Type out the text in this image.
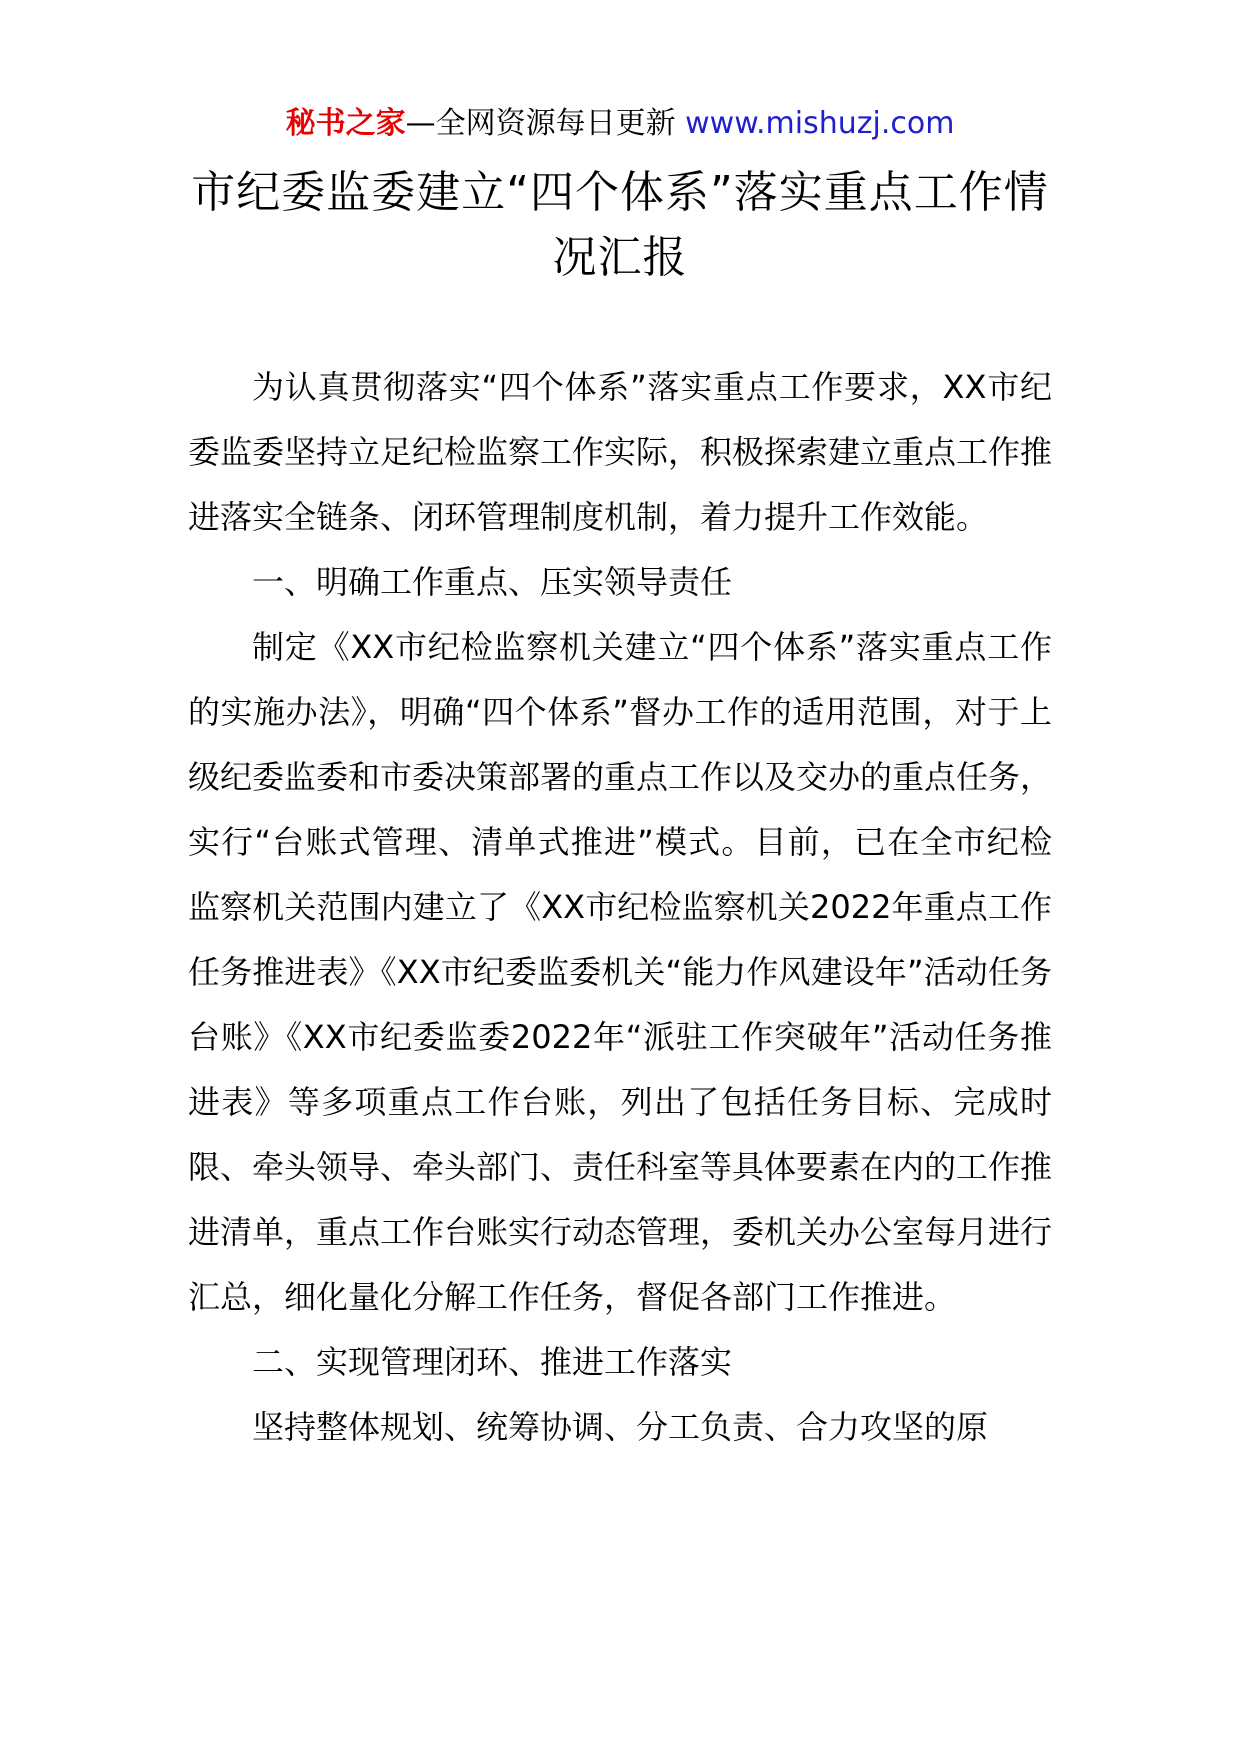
秘书之家—全网资源每日更新 www.mishuzj.com
市纪委监委建立“四个体系”落实重点工作情况汇报

为认真贯彻落实“四个体系”落实重点工作要求，XX市纪委监委坚持立足纪检监察工作实际，积极探索建立重点工作推进落实全链条、闭环管理制度机制，着力提升工作效能。

一、明确工作重点、压实领导责任

制定《XX市纪检监察机关建立“四个体系”落实重点工作的实施办法》，明确“四个体系”督办工作的适用范围，对于上级纪委监委和市委决策部署的重点工作以及交办的重点任务，实行“台账式管理、清单式推进”模式。目前，已在全市纪检监察机关范围内建立了《XX市纪检监察机关2022年重点工作任务推进表》《XX市纪委监委机关“能力作风建设年”活动任务台账》《XX市纪委监委2022年“派驻工作突破年”活动任务推进表》等多项重点工作台账，列出了包括任务目标、完成时限、牵头领导、牵头部门、责任科室等具体要素在内的工作推进清单，重点工作台账实行动态管理，委机关办公室每月进行汇总，细化量化分解工作任务，督促各部门工作推进。

二、实现管理闭环、推进工作落实

坚持整体规划、统筹协调、分工负责、合力攻坚的原
